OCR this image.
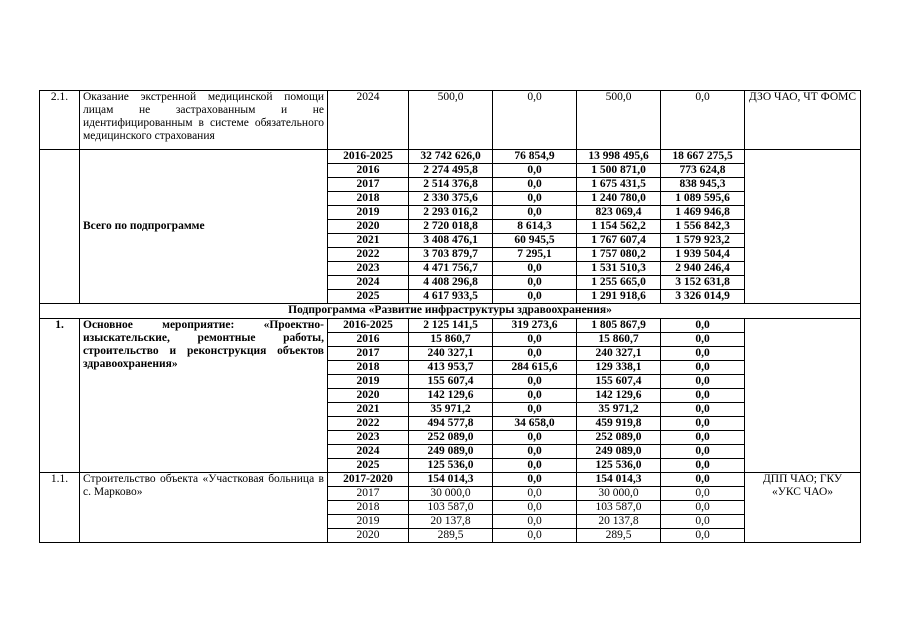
2.1.	Оказание экстренной медицинской помощи лицам не застрахованным и не идентифицированным в системе обязательного медицинского страхования	2024	500,0	0,0	500,0	0,0	ДЗО ЧАО, ЧТ ФОМС
	Всего по подпрограмме	2016-2025	32 742 626,0	76 854,9	13 998 495,6	18 667 275,5	
		2016	2 274 495,8	0,0	1 500 871,0	773 624,8	
		2017	2 514 376,8	0,0	1 675 431,5	838 945,3	
		2018	2 330 375,6	0,0	1 240 780,0	1 089 595,6	
		2019	2 293 016,2	0,0	823 069,4	1 469 946,8	
		2020	2 720 018,8	8 614,3	1 154 562,2	1 556 842,3	
		2021	3 408 476,1	60 945,5	1 767 607,4	1 579 923,2	
		2022	3 703 879,7	7 295,1	1 757 080,2	1 939 504,4	
		2023	4 471 756,7	0,0	1 531 510,3	2 940 246,4	
		2024	4 408 296,8	0,0	1 255 665,0	3 152 631,8	
		2025	4 617 933,5	0,0	1 291 918,6	3 326 014,9	
Подпрограмма «Развитие инфраструктуры здравоохранения»							
1.	Основное мероприятие: «Проектно-изыскательские, ремонтные работы, строительство и реконструкция объектов здравоохранения»	2016-2025	2 125 141,5	319 273,6	1 805 867,9	0,0	
		2016	15 860,7	0,0	15 860,7	0,0	
		2017	240 327,1	0,0	240 327,1	0,0	
		2018	413 953,7	284 615,6	129 338,1	0,0	
		2019	155 607,4	0,0	155 607,4	0,0	
		2020	142 129,6	0,0	142 129,6	0,0	
		2021	35 971,2	0,0	35 971,2	0,0	
		2022	494 577,8	34 658,0	459 919,8	0,0	
		2023	252 089,0	0,0	252 089,0	0,0	
		2024	249 089,0	0,0	249 089,0	0,0	
		2025	125 536,0	0,0	125 536,0	0,0	
1.1.	Строительство объекта «Участковая больница в с. Марково»	2017-2020	154 014,3	0,0	154 014,3	0,0	ДПП ЧАО; ГКУ «УКС ЧАО»
		2017	30 000,0	0,0	30 000,0	0,0	
		2018	103 587,0	0,0	103 587,0	0,0	
		2019	20 137,8	0,0	20 137,8	0,0	
		2020	289,5	0,0	289,5	0,0	
